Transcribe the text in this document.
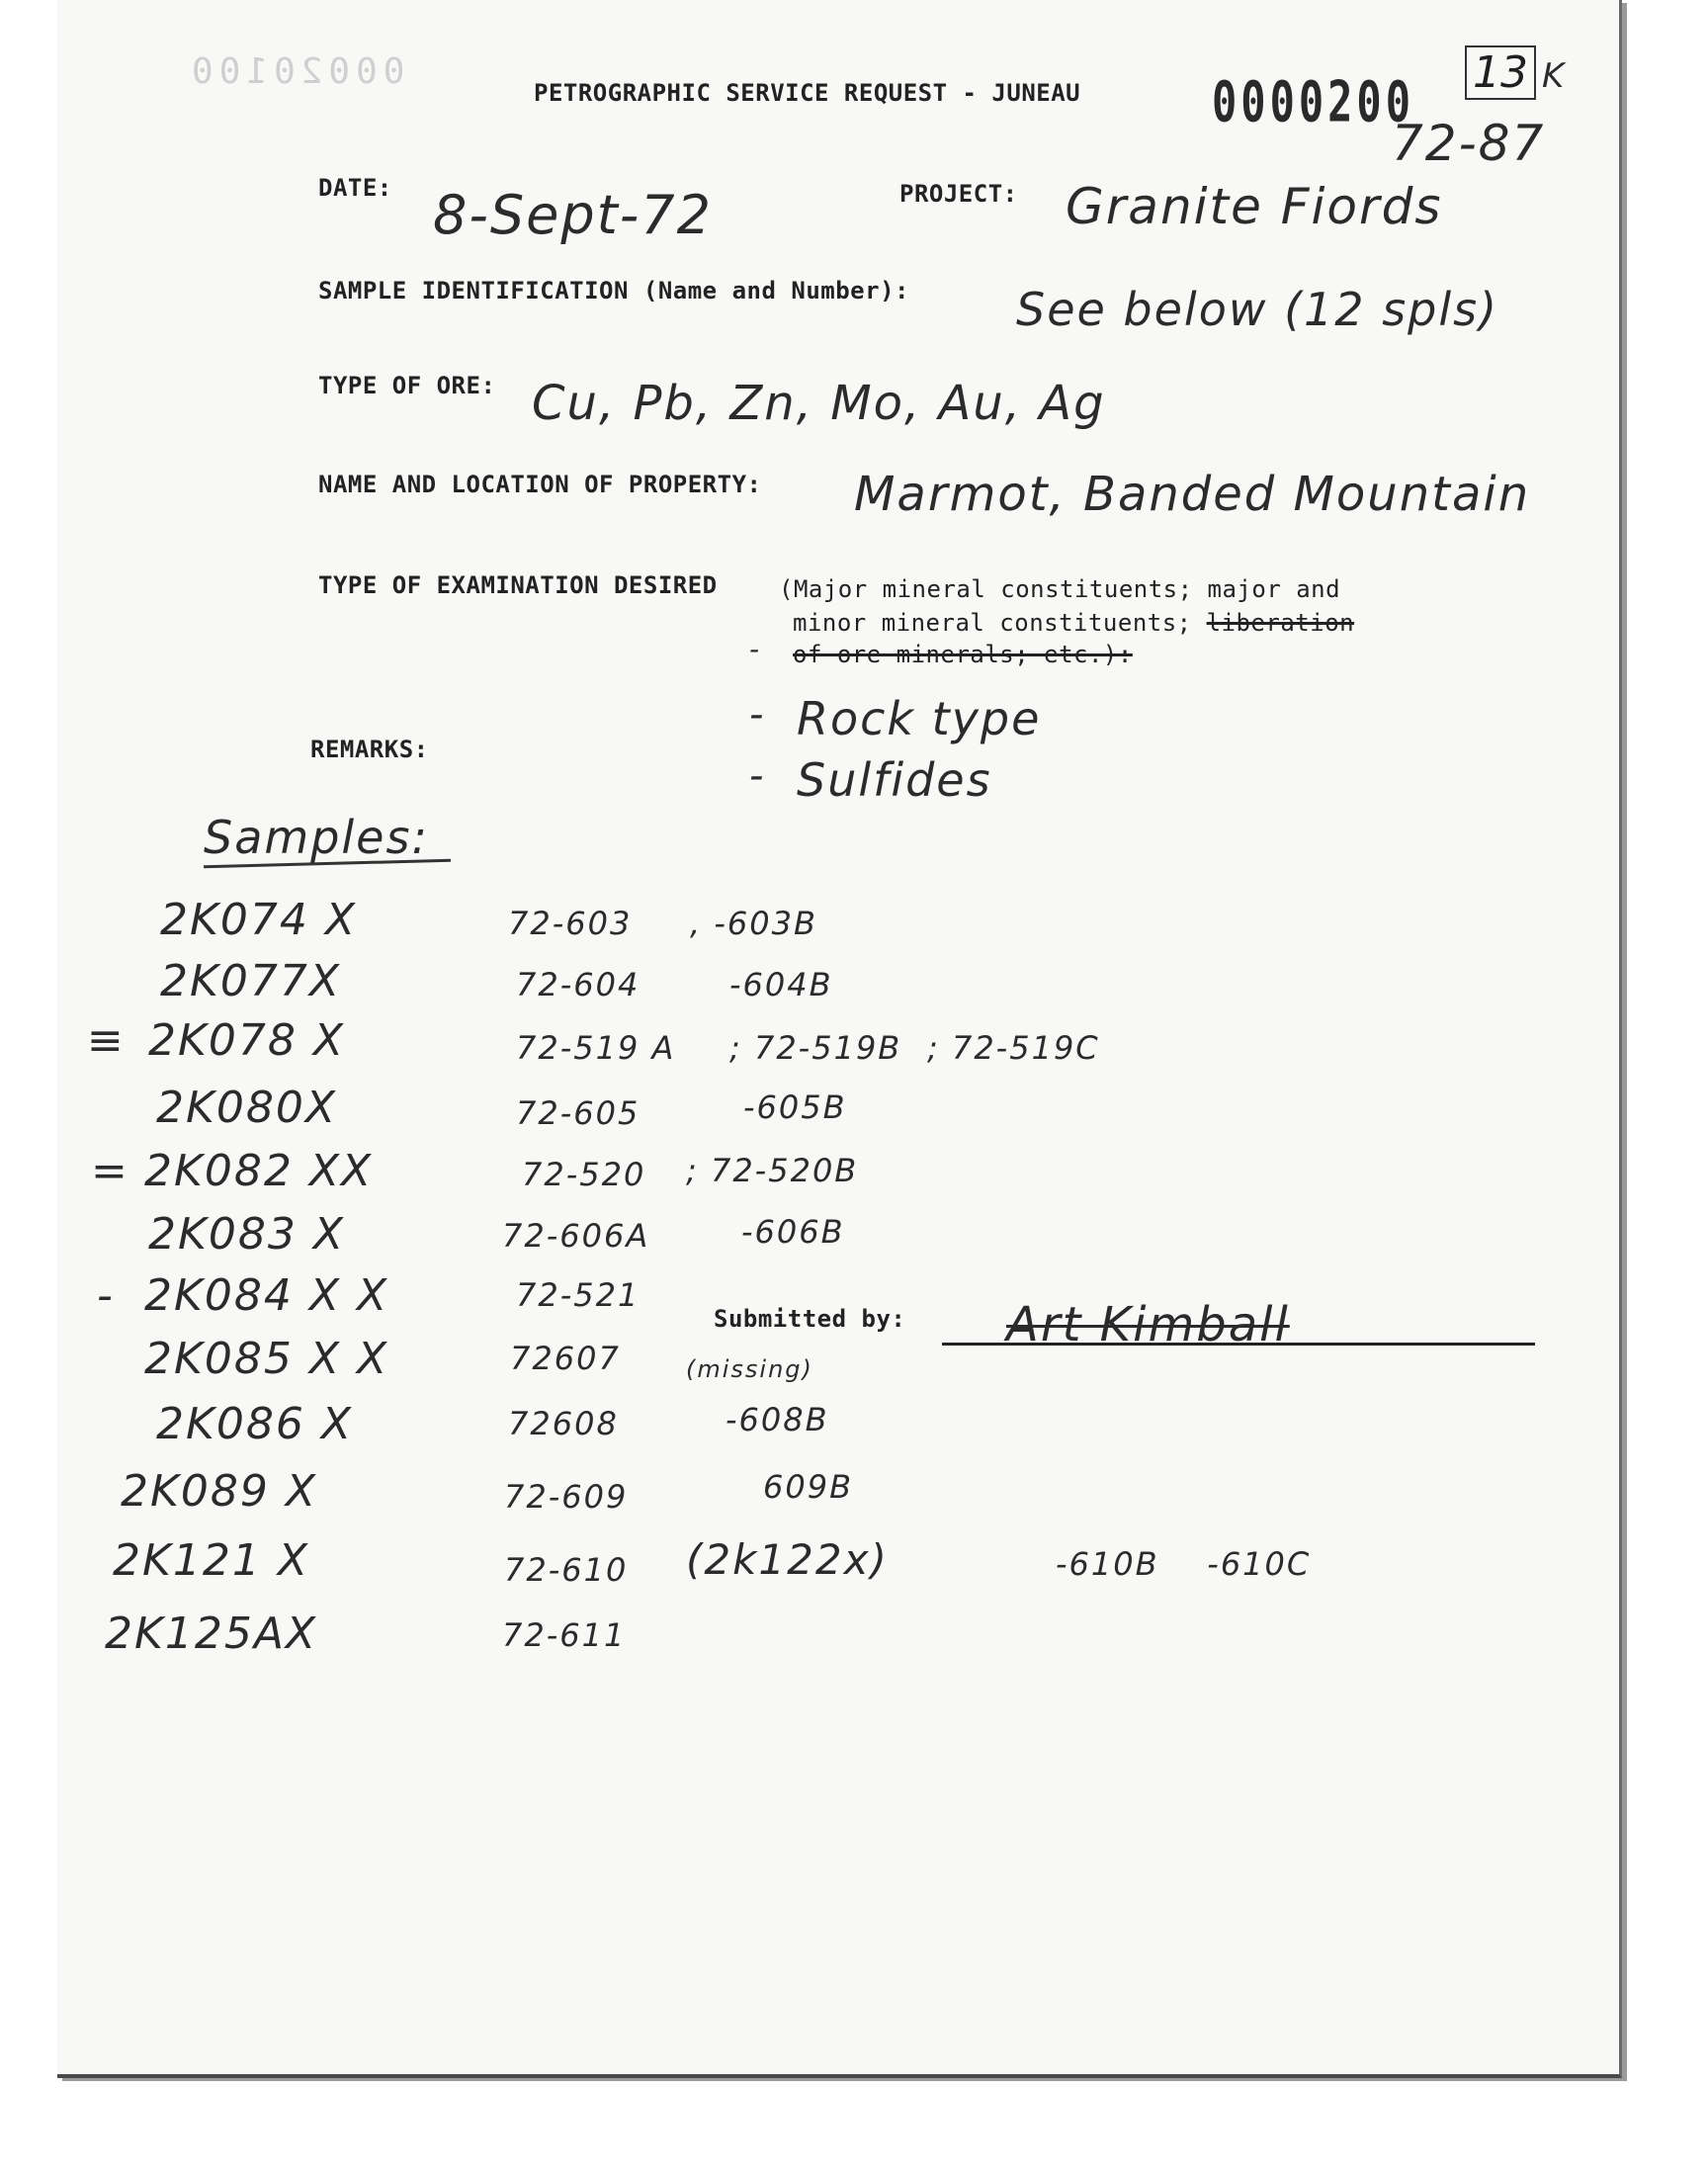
00020100
PETROGRAPHIC SERVICE REQUEST - JUNEAU	0000200 13 K
72-87
DATE: 8-Sept-72	PROJECT: Granite Fiords
SAMPLE IDENTIFICATION (Name and Number): See below (12 spls)
TYPE OF ORE: Cu, Pb, Zn, Mo, Au, Ag
NAME AND LOCATION OF PROPERTY: Marmot, Banded Mountain
TYPE OF EXAMINATION DESIRED	(Major mineral constituents; major and
minor mineral constituents; liberation
of ore minerals; etc.):
-
- Rock type
- Sulfides
REMARKS:
Samples:
2K074 X	72-603 , -603B
2K077X	72-604	-604B
≡ 2K078 X	72-519 A ; 72-519B ; 72-519C
2K080X	72-605	-605B
= 2K082 XX	72-520 ; 72-520B
2K083 X	72-606A	-606B
- 2K084 X X	72-521
2K085 X X	72607	(missing)
2K086 X	72608	-608B
2K089 X	72-609	609B
2K121 X	72-610 (2k122x)	-610B    -610C
2K125AX	72-611
Submitted by: Art Kimball
